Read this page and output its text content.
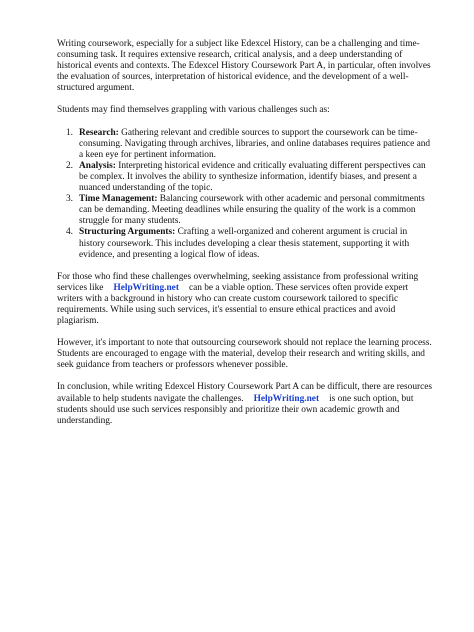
Writing coursework, especially for a subject like Edexcel History, can be a challenging and time-consuming task. It requires extensive research, critical analysis, and a deep understanding of historical events and contexts. The Edexcel History Coursework Part A, in particular, often involves the evaluation of sources, interpretation of historical evidence, and the development of a well-structured argument.

Students may find themselves grappling with various challenges such as:

1. Research: Gathering relevant and credible sources to support the coursework can be time-consuming. Navigating through archives, libraries, and online databases requires patience and a keen eye for pertinent information.
2. Analysis: Interpreting historical evidence and critically evaluating different perspectives can be complex. It involves the ability to synthesize information, identify biases, and present a nuanced understanding of the topic.
3. Time Management: Balancing coursework with other academic and personal commitments can be demanding. Meeting deadlines while ensuring the quality of the work is a common struggle for many students.
4. Structuring Arguments: Crafting a well-organized and coherent argument is crucial in history coursework. This includes developing a clear thesis statement, supporting it with evidence, and presenting a logical flow of ideas.

For those who find these challenges overwhelming, seeking assistance from professional writing services like HelpWriting.net can be a viable option. These services often provide expert writers with a background in history who can create custom coursework tailored to specific requirements. While using such services, it's essential to ensure ethical practices and avoid plagiarism.

However, it's important to note that outsourcing coursework should not replace the learning process. Students are encouraged to engage with the material, develop their research and writing skills, and seek guidance from teachers or professors whenever possible.

In conclusion, while writing Edexcel History Coursework Part A can be difficult, there are resources available to help students navigate the challenges. HelpWriting.net is one such option, but students should use such services responsibly and prioritize their own academic growth and understanding.
